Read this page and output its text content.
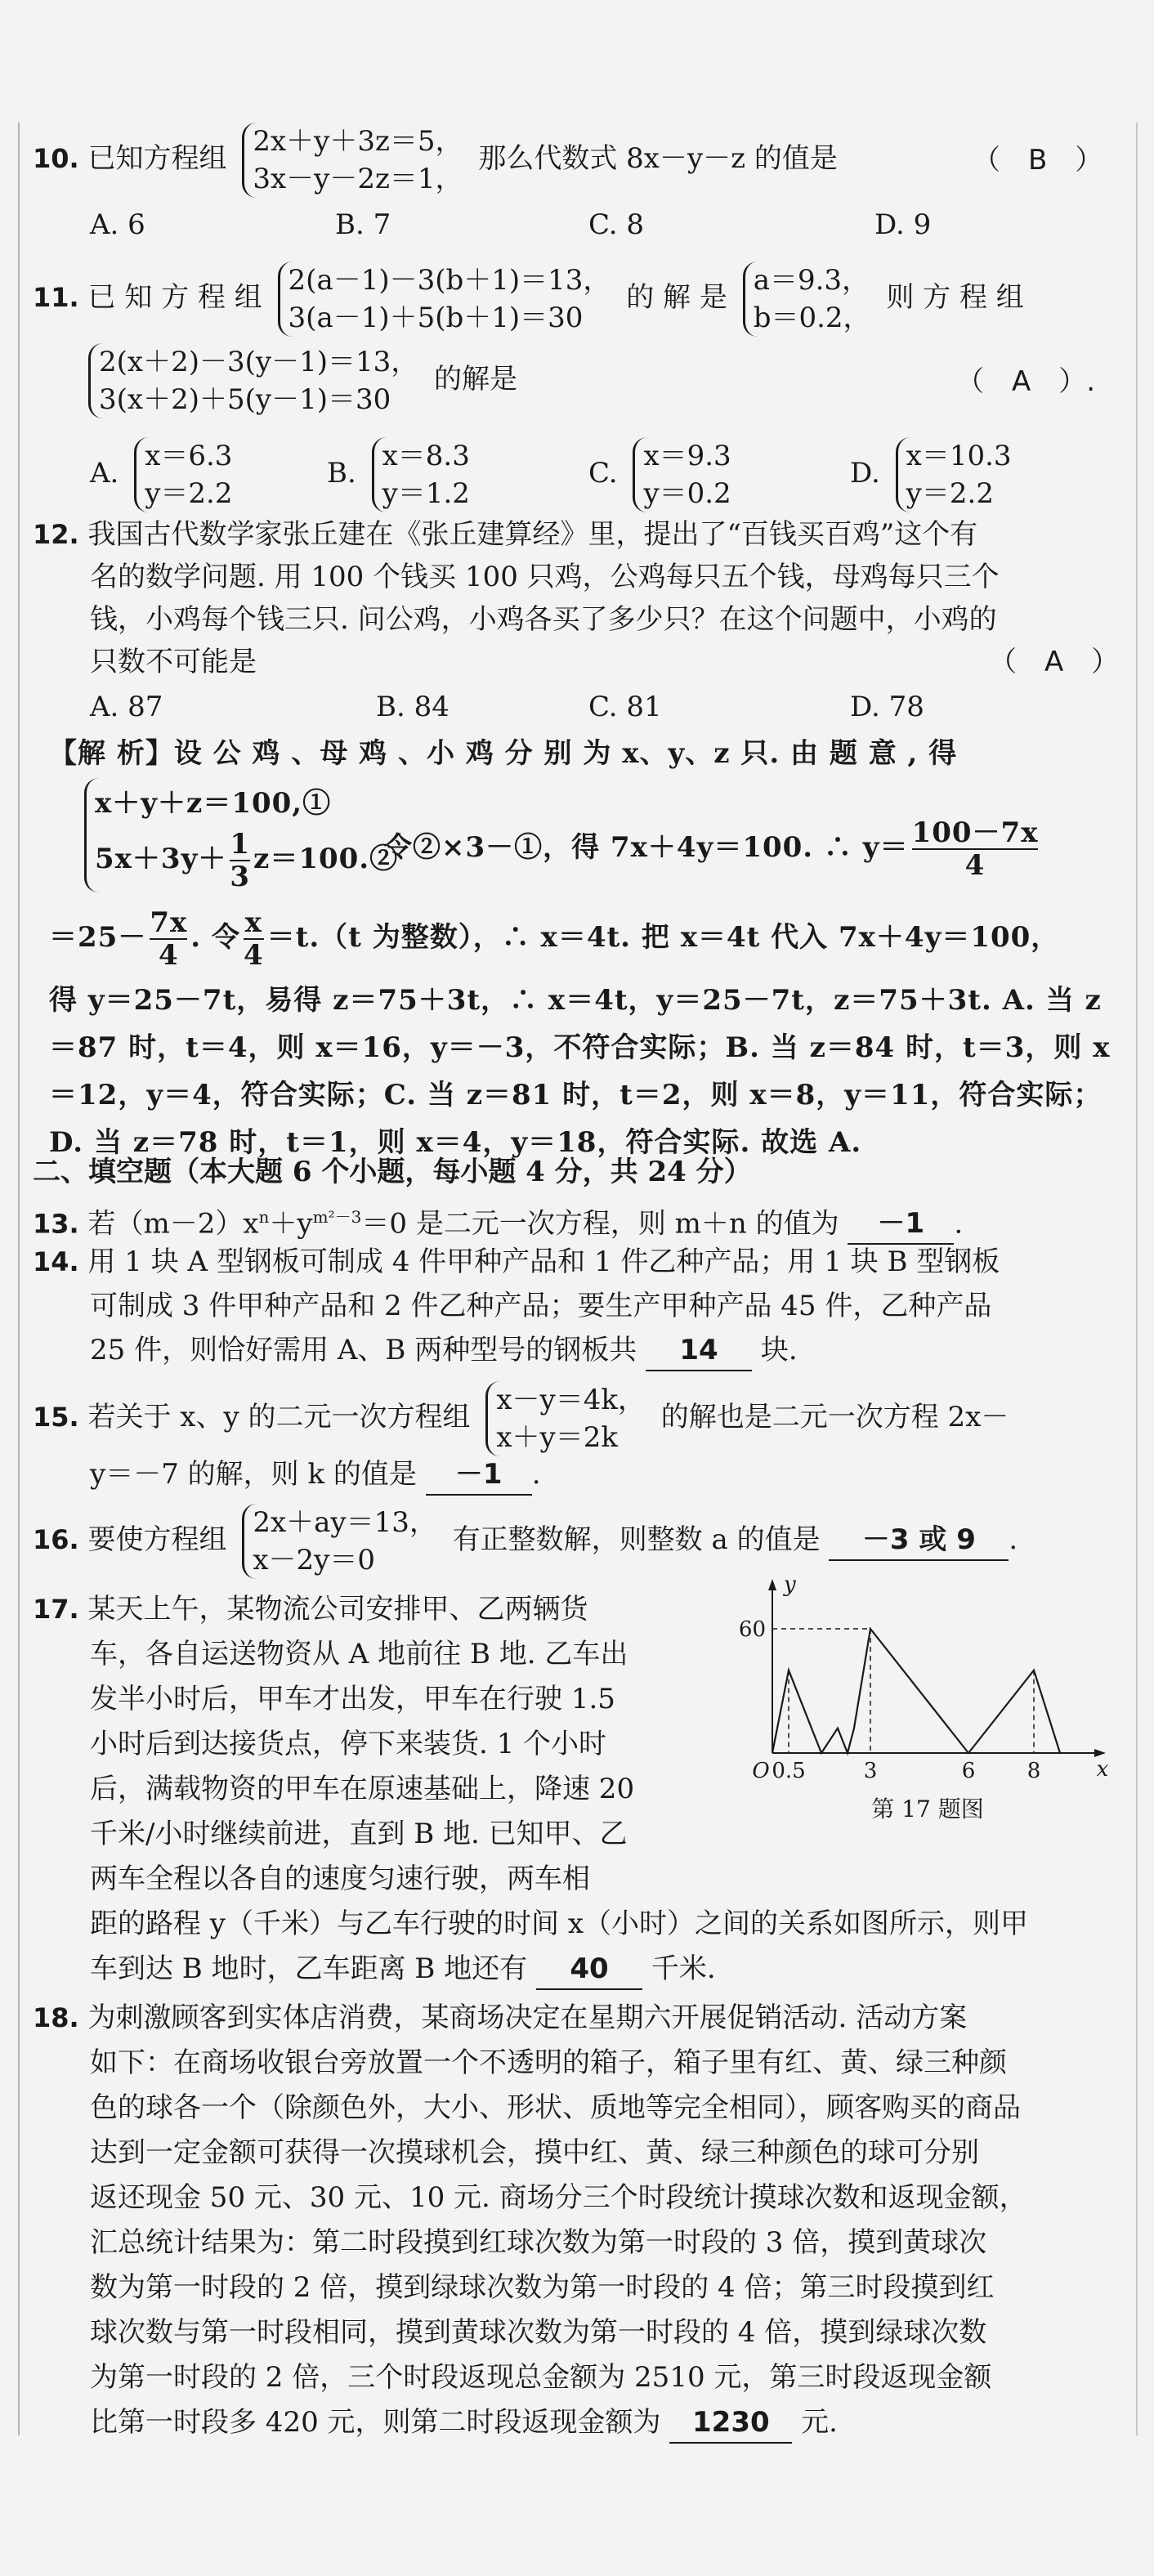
10. 已知方程组
2x＋y＋3z＝5，
3x－y－2z＝1，
那么代数式 8x－y－z 的值是	（　B　）
A. 6	B. 7	C. 8	D. 9
11. 已 知 方 程 组
2(a－1)－3(b＋1)＝13，
3(a－1)＋5(b＋1)＝30
的 解 是
a＝9.3，
b＝0.2，
则 方 程 组
2(x＋2)－3(y－1)＝13，
3(x＋2)＋5(y－1)＝30
的解是	（　A　）.
A.
x＝6.3
y＝2.2
B.
x＝8.3
y＝1.2
C.
x＝9.3
y＝0.2
D.
x＝10.3
y＝2.2
12. 我国古代数学家张丘建在《张丘建算经》里，提出了“百钱买百鸡”这个有
名的数学问题. 用 100 个钱买 100 只鸡，公鸡每只五个钱，母鸡每只三个
钱，小鸡每个钱三只. 问公鸡，小鸡各买了多少只？在这个问题中，小鸡的
只数不可能是	（　A　）
A. 87	B. 84	C. 81	D. 78
【解 析】设 公 鸡 、母 鸡 、小 鸡 分 别 为 x、y、z 只. 由 题 意 , 得
x＋y＋z＝100,①
$5x+3y+ \frac{1}{3}$ z＝100.②
令②×3－①，得 7x＋4y＝100. ∴ $y= \frac{100-7x}{4}$
$=25- \frac{7x}{4}$ . 令 $\frac{x}{4} =t.(t$ 为整数），∴ x＝4t. 把 x＝4t 代入 7x＋4y＝100，
得 y＝25－7t，易得 z＝75＋3t，∴ x＝4t，y＝25－7t，z＝75＋3t. A. 当 z
＝87 时，t＝4，则 x＝16，y＝－3，不符合实际；B. 当 z＝84 时，t＝3，则 x
＝12，y＝4，符合实际；C. 当 z＝81 时，t＝2，则 x＝8，y＝11，符合实际；
D. 当 z＝78 时，t＝1，则 x＝4，y＝18，符合实际. 故选 A.
二、填空题（本大题 6 个小题，每小题 4 分，共 24 分）
13. 若$(m-2)x^n+y^{m^2-3}=0$ 是二元一次方程，则 m＋n 的值为 －1 .
14. 用 1 块 A 型钢板可制成 4 件甲种产品和 1 件乙种产品；用 1 块 B 型钢板
可制成 3 件甲种产品和 2 件乙种产品；要生产甲种产品 45 件，乙种产品
25 件，则恰好需用 A、B 两种型号的钢板共 14 块.
15. 若关于 x、y 的二元一次方程组
x－y＝4k，
x＋y＝2k
的解也是二元一次方程 2x－
y＝－7 的解，则 k 的值是 －1 .
16. 要使方程组
2x＋ay＝13，
x－2y＝0
有正整数解，则整数 a 的值是 －3 或 9 .
17. 某天上午，某物流公司安排甲、乙两辆货
车，各自运送物资从 A 地前往 B 地. 乙车出
发半小时后，甲车才出发，甲车在行驶 1.5
小时后到达接货点，停下来装货. 1 个小时
后，满载物资的甲车在原速基础上，降速 20
千米/小时继续前进，直到 B 地. 已知甲、乙
两车全程以各自的速度匀速行驶，两车相
距的路程 y（千米）与乙车行驶的时间 x（小时）之间的关系如图所示，则甲
车到达 B 地时，乙车距离 B 地还有 40 千米.
x
y
O 0.5	3	6 8
60
第 17 题图
18. 为刺激顾客到实体店消费，某商场决定在星期六开展促销活动. 活动方案
如下：在商场收银台旁放置一个不透明的箱子，箱子里有红、黄、绿三种颜
色的球各一个（除颜色外，大小、形状、质地等完全相同），顾客购买的商品
达到一定金额可获得一次摸球机会，摸中红、黄、绿三种颜色的球可分别
返还现金 50 元、30 元、10 元. 商场分三个时段统计摸球次数和返现金额，
汇总统计结果为：第二时段摸到红球次数为第一时段的 3 倍，摸到黄球次
数为第一时段的 2 倍，摸到绿球次数为第一时段的 4 倍；第三时段摸到红
球次数与第一时段相同，摸到黄球次数为第一时段的 4 倍，摸到绿球次数
为第一时段的 2 倍，三个时段返现总金额为 2510 元，第三时段返现金额
比第一时段多 420 元，则第二时段返现金额为 1230 元.
